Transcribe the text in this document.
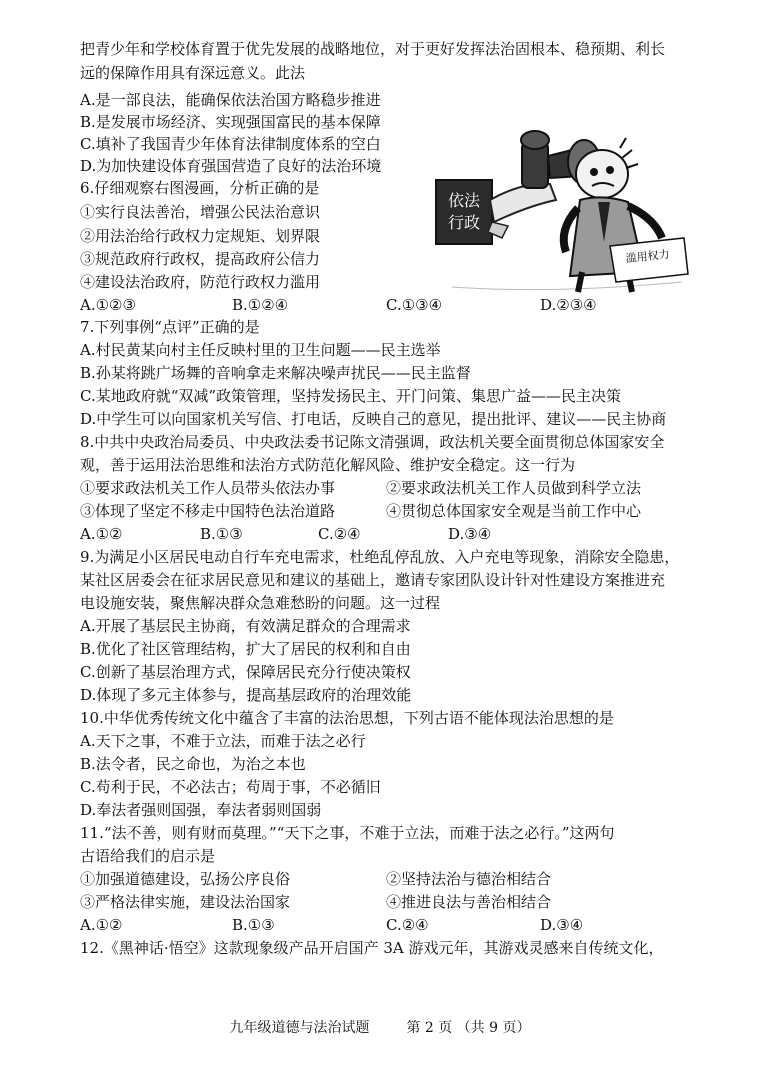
把青少年和学校体育置于优先发展的战略地位，对于更好发挥法治固根本、稳预期、利长
远的保障作用具有深远意义。此法
A.是一部良法，能确保依法治国方略稳步推进
B.是发展市场经济、实现强国富民的基本保障
C.填补了我国青少年体育法律制度体系的空白
D.为加快建设体育强国营造了良好的法治环境
6.仔细观察右图漫画，分析正确的是
①实行良法善治，增强公民法治意识
②用法治给行政权力定规矩、划界限
③规范政府行政权，提高政府公信力
④建设法治政府，防范行政权力滥用
A.①②③	B.①②④	C.①③④	D.②③④
依法
行政
滥用权力
7.下列事例“点评”正确的是
A.村民黄某向村主任反映村里的卫生问题——民主选举
B.孙某将跳广场舞的音响拿走来解决噪声扰民——民主监督
C.某地政府就“双减”政策管理，坚持发扬民主、开门问策、集思广益——民主决策
D.中学生可以向国家机关写信、打电话，反映自己的意见，提出批评、建议——民主协商
8.中共中央政治局委员、中央政法委书记陈文清强调，政法机关要全面贯彻总体国家安全
观，善于运用法治思维和法治方式防范化解风险、维护安全稳定。这一行为
①要求政法机关工作人员带头依法办事	②要求政法机关工作人员做到科学立法
③体现了坚定不移走中国特色法治道路	④贯彻总体国家安全观是当前工作中心
A.①②	B.①③	C.②④	D.③④
9.为满足小区居民电动自行车充电需求，杜绝乱停乱放、入户充电等现象，消除安全隐患，
某社区居委会在征求居民意见和建议的基础上，邀请专家团队设计针对性建设方案推进充
电设施安装，聚焦解决群众急难愁盼的问题。这一过程
A.开展了基层民主协商，有效满足群众的合理需求
B.优化了社区管理结构，扩大了居民的权利和自由
C.创新了基层治理方式，保障居民充分行使决策权
D.体现了多元主体参与，提高基层政府的治理效能
10.中华优秀传统文化中蕴含了丰富的法治思想，下列古语不能体现法治思想的是
A.天下之事，不难于立法，而难于法之必行
B.法令者，民之命也，为治之本也
C.苟利于民，不必法古；苟周于事，不必循旧
D.奉法者强则国强，奉法者弱则国弱
11.“法不善，则有财而莫理。”“天下之事，不难于立法，而难于法之必行。”这两句
古语给我们的启示是
①加强道德建设，弘扬公序良俗	②坚持法治与德治相结合
③严格法律实施，建设法治国家	④推进良法与善治相结合
A.①②	B.①③	C.②④	D.③④
12.《黑神话·悟空》这款现象级产品开启国产 3A 游戏元年，其游戏灵感来自传统文化，
九年级道德与法治试题	第 2 页 （共 9 页）
